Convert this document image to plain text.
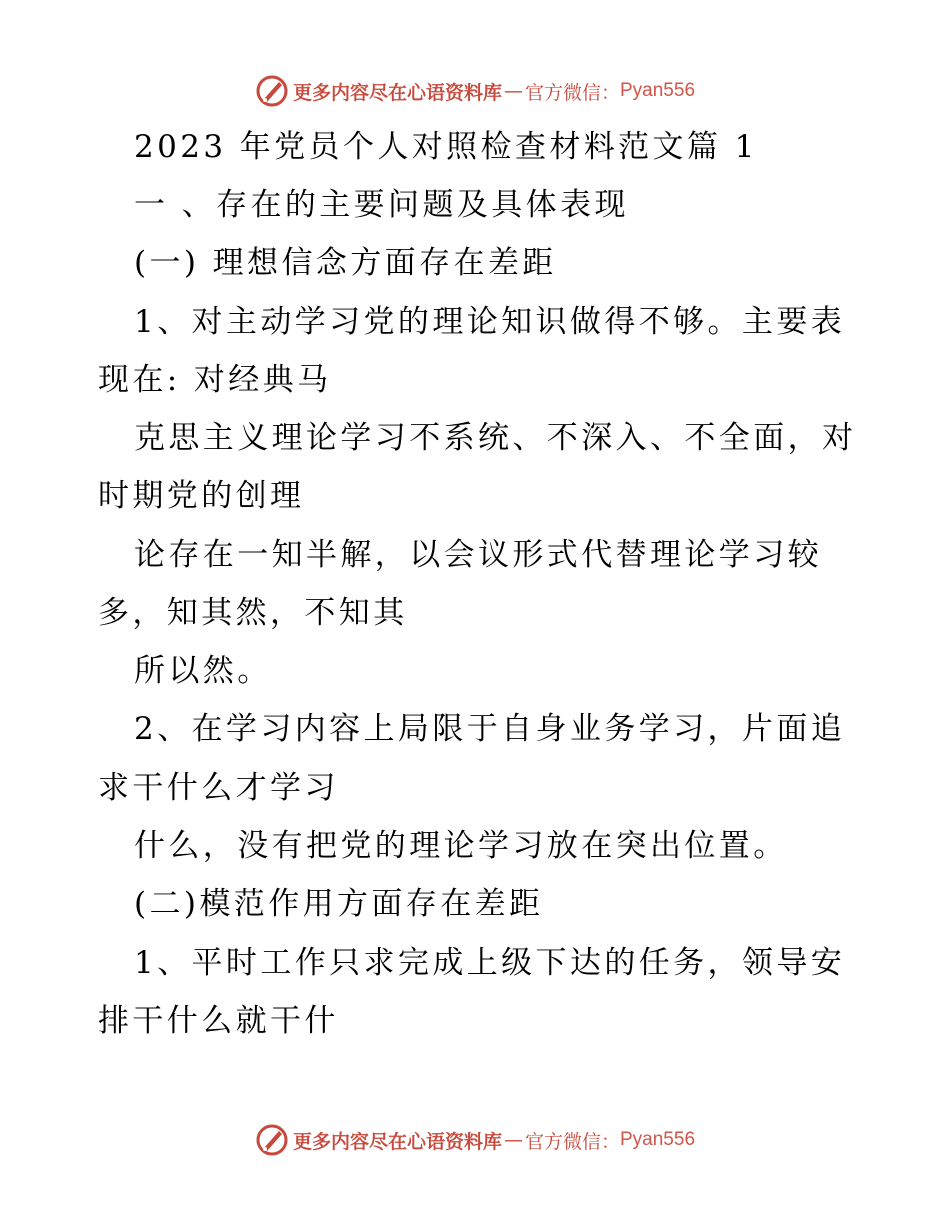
更多内容尽在心语资料库 — 官方微信： Pyan556
2023 年党员个人对照检查材料范文篇 1
一 、存在的主要问题及具体表现
(一) 理想信念方面存在差距
1、对主动学习党的理论知识做得不够。主要表
现在: 对经典马
克思主义理论学习不系统、不深入、不全面，对
时期党的创理
论存在一知半解，以会议形式代替理论学习较
多，知其然，不知其
所以然。
2、在学习内容上局限于自身业务学习，片面追
求干什么才学习
什么，没有把党的理论学习放在突出位置。
(二)模范作用方面存在差距
1、平时工作只求完成上级下达的任务，领导安
排干什么就干什
更多内容尽在心语资料库 — 官方微信： Pyan556
